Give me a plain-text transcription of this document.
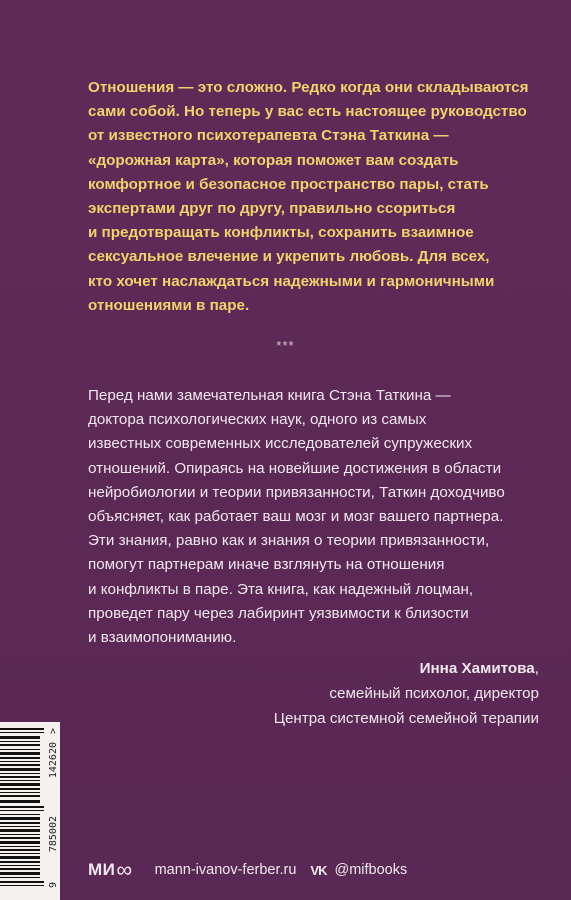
Отношения — это сложно. Редко когда они складываются
сами собой. Но теперь у вас есть настоящее руководство
от известного психотерапевта Стэна Таткина —
«дорожная карта», которая поможет вам создать
комфортное и безопасное пространство пары, стать
экспертами друг по другу, правильно ссориться
и предотвращать конфликты, сохранить взаимное
сексуальное влечение и укрепить любовь. Для всех,
кто хочет наслаждаться надежными и гармоничными
отношениями в паре.
***
Перед нами замечательная книга Стэна Таткина —
доктора психологических наук, одного из самых
известных современных исследователей супружеских
отношений. Опираясь на новейшие достижения в области
нейробиологии и теории привязанности, Таткин доходчиво
объясняет, как работает ваш мозг и мозг вашего партнера.
Эти знания, равно как и знания о теории привязанности,
помогут партнерам иначе взглянуть на отношения
и конфликты в паре. Эта книга, как надежный лоцман,
проведет пару через лабиринт уязвимости к близости
и взаимопониманию.
Инна Хамитова,
семейный психолог, директор
Центра системной семейной терапии
9
785002
142620
>
МИ ∞ mann-ivanov-ferber.ru VK @mifbooks
